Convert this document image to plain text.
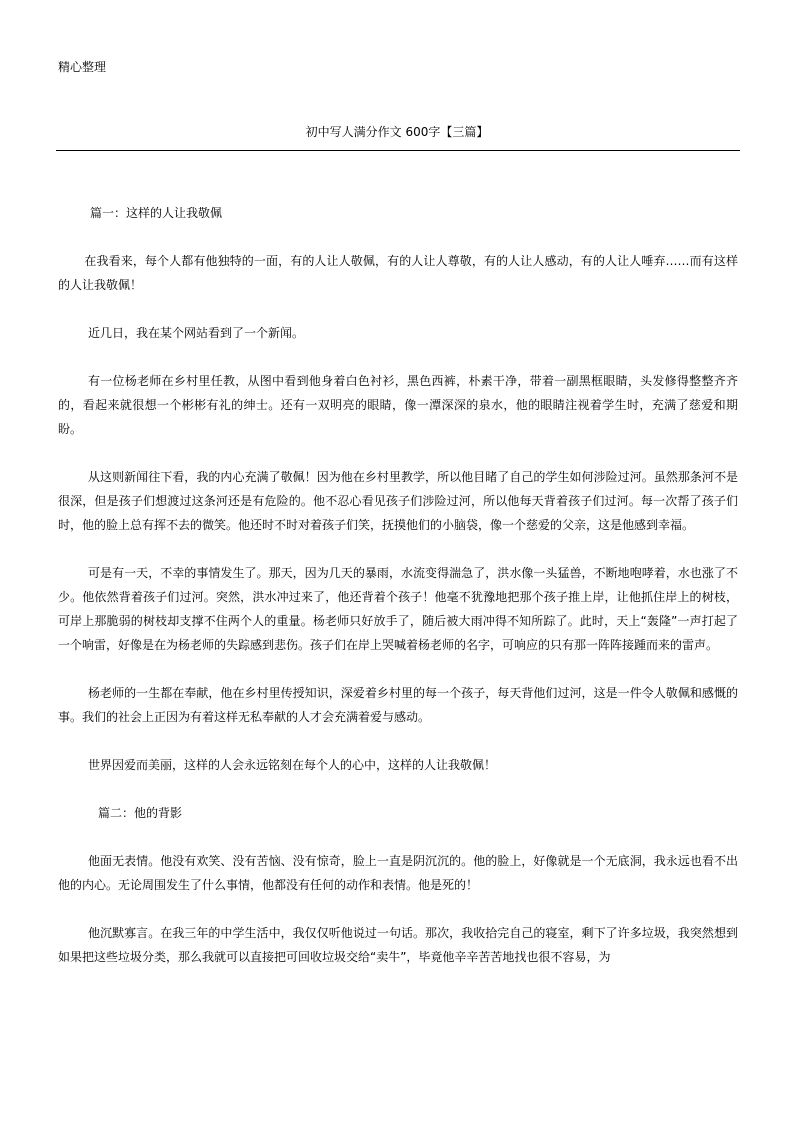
精心整理
初中写人满分作文 600字【三篇】
篇一：这样的人让我敬佩

在我看来，每个人都有他独特的一面，有的人让人敬佩，有的人让人尊敬，有的人让人感动，有的人让人唾弃……而有这样的人让我敬佩！

近几日，我在某个网站看到了一个新闻。

有一位杨老师在乡村里任教，从图中看到他身着白色衬衫，黑色西裤，朴素干净，带着一副黑框眼睛，头发修得整整齐齐的，看起来就很想一个彬彬有礼的绅士。还有一双明亮的眼睛，像一潭深深的泉水，他的眼睛注视着学生时，充满了慈爱和期盼。

从这则新闻往下看，我的内心充满了敬佩！因为他在乡村里教学，所以他目睹了自己的学生如何涉险过河。虽然那条河不是很深，但是孩子们想渡过这条河还是有危险的。他不忍心看见孩子们涉险过河，所以他每天背着孩子们过河。每一次帮了孩子们时，他的脸上总有挥不去的微笑。他还时不时对着孩子们笑，抚摸他们的小脑袋，像一个慈爱的父亲，这是他感到幸福。

可是有一天，不幸的事情发生了。那天，因为几天的暴雨，水流变得湍急了，洪水像一头猛兽，不断地咆哮着，水也涨了不少。他依然背着孩子们过河。突然，洪水冲过来了，他还背着个孩子！他毫不犹豫地把那个孩子推上岸，让他抓住岸上的树枝，可岸上那脆弱的树枝却支撑不住两个人的重量。杨老师只好放手了，随后被大雨冲得不知所踪了。此时，天上“轰隆”一声打起了一个响雷，好像是在为杨老师的失踪感到悲伤。孩子们在岸上哭喊着杨老师的名字，可响应的只有那一阵阵接踵而来的雷声。

杨老师的一生都在奉献，他在乡村里传授知识，深爱着乡村里的每一个孩子，每天背他们过河，这是一件令人敬佩和感慨的事。我们的社会上正因为有着这样无私奉献的人才会充满着爱与感动。

世界因爱而美丽，这样的人会永远铭刻在每个人的心中，这样的人让我敬佩！

篇二：他的背影

他面无表情。他没有欢笑、没有苦恼、没有惊奇，脸上一直是阴沉沉的。他的脸上，好像就是一个无底洞，我永远也看不出他的内心。无论周围发生了什么事情，他都没有任何的动作和表情。他是死的！

他沉默寡言。在我三年的中学生活中，我仅仅听他说过一句话。那次，我收拾完自己的寝室，剩下了许多垃圾，我突然想到如果把这些垃圾分类，那么我就可以直接把可回收垃圾交给“卖牛”，毕竟他辛辛苦苦地找也很不容易，为
